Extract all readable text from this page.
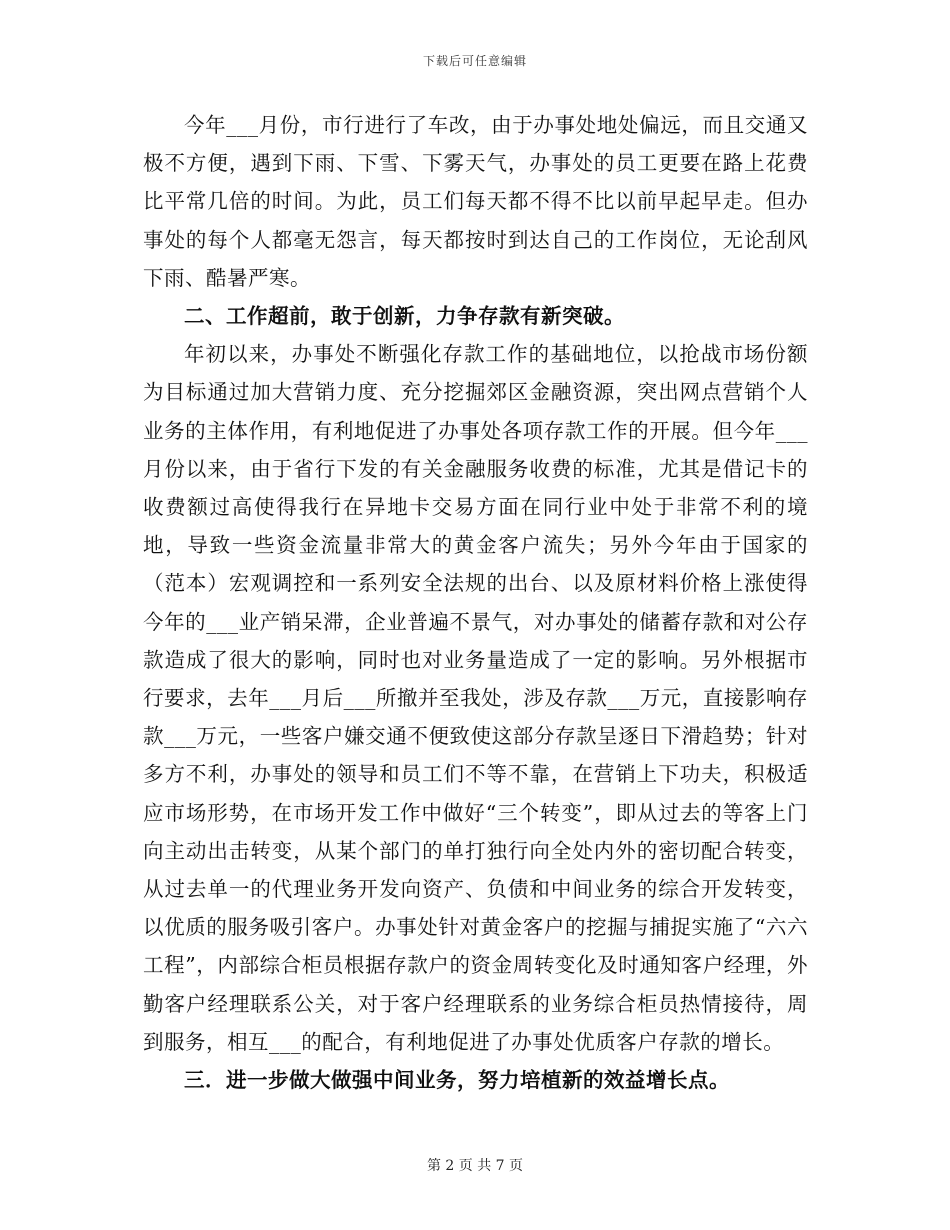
下载后可任意编辑

今年___月份，市行进行了车改，由于办事处地处偏远，而且交通又极不方便，遇到下雨、下雪、下雾天气，办事处的员工更要在路上花费比平常几倍的时间。为此，员工们每天都不得不比以前早起早走。但办事处的每个人都毫无怨言，每天都按时到达自己的工作岗位，无论刮风下雨、酷暑严寒。

二、工作超前，敢于创新，力争存款有新突破。

年初以来，办事处不断强化存款工作的基础地位，以抢战市场份额为目标通过加大营销力度、充分挖掘郊区金融资源，突出网点营销个人业务的主体作用，有利地促进了办事处各项存款工作的开展。但今年___月份以来，由于省行下发的有关金融服务收费的标准，尤其是借记卡的收费额过高使得我行在异地卡交易方面在同行业中处于非常不利的境地，导致一些资金流量非常大的黄金客户流失；另外今年由于国家的（范本）宏观调控和一系列安全法规的出台、以及原材料价格上涨使得今年的___业产销呆滞，企业普遍不景气，对办事处的储蓄存款和对公存款造成了很大的影响，同时也对业务量造成了一定的影响。另外根据市行要求，去年___月后___所撤并至我处，涉及存款___万元，直接影响存款___万元，一些客户嫌交通不便致使这部分存款呈逐日下滑趋势；针对多方不利，办事处的领导和员工们不等不靠，在营销上下功夫，积极适应市场形势，在市场开发工作中做好“三个转变”，即从过去的等客上门向主动出击转变，从某个部门的单打独行向全处内外的密切配合转变，从过去单一的代理业务开发向资产、负债和中间业务的综合开发转变，以优质的服务吸引客户。办事处针对黄金客户的挖掘与捕捉实施了“六六工程”，内部综合柜员根据存款户的资金周转变化及时通知客户经理，外勤客户经理联系公关，对于客户经理联系的业务综合柜员热情接待，周到服务，相互___的配合，有利地促进了办事处优质客户存款的增长。

三．进一步做大做强中间业务，努力培植新的效益增长点。

第 2 页 共 7 页
